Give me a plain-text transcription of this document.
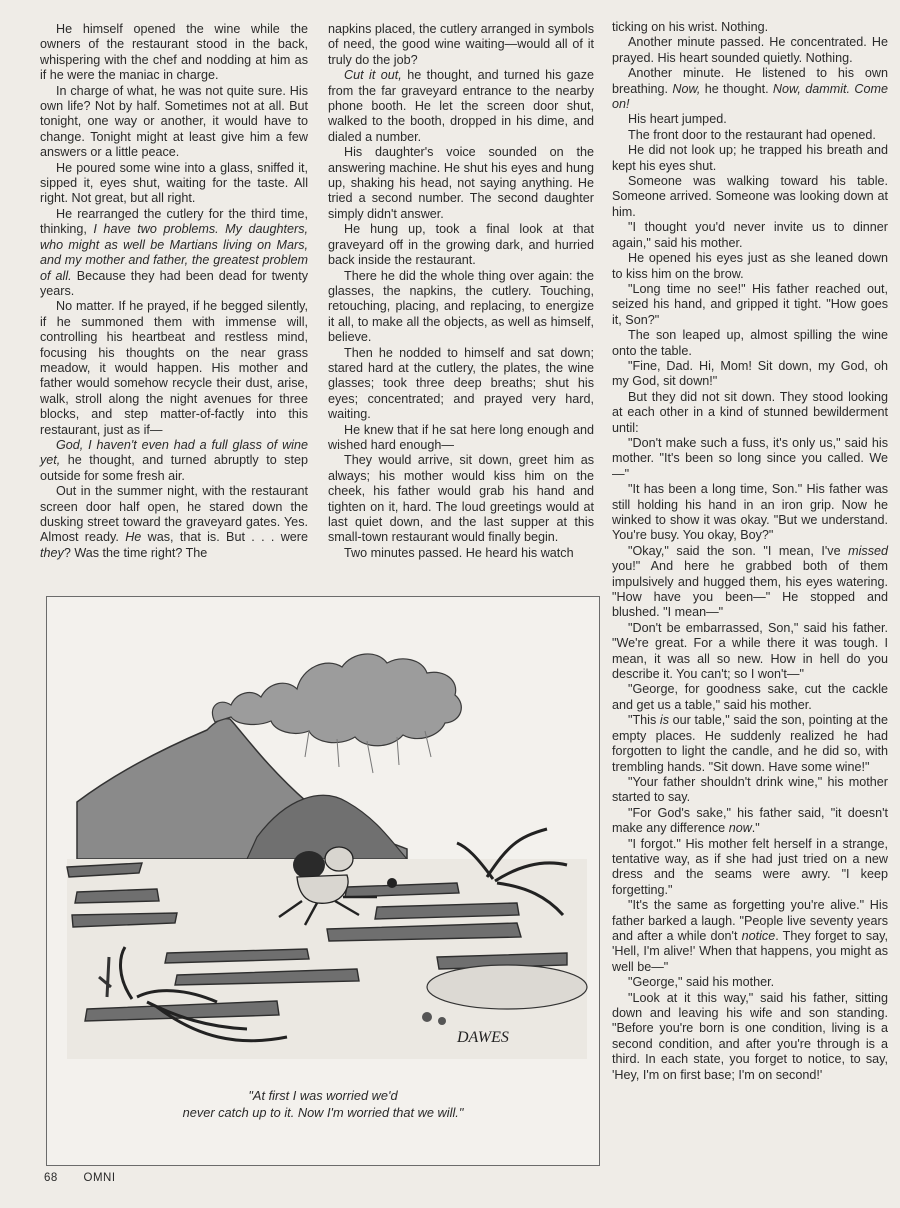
He himself opened the wine while the owners of the restaurant stood in the back, whispering with the chef and nodding at him as if he were the maniac in charge.

In charge of what, he was not quite sure. His own life? Not by half. Sometimes not at all. But tonight, one way or another, it would have to change. Tonight might at least give him a few answers or a little peace.

He poured some wine into a glass, sniffed it, sipped it, eyes shut, waiting for the taste. All right. Not great, but all right.

He rearranged the cutlery for the third time, thinking, I have two problems. My daughters, who might as well be Martians living on Mars, and my mother and father, the greatest problem of all. Because they had been dead for twenty years.

No matter. If he prayed, if he begged silently, if he summoned them with immense will, controlling his heartbeat and restless mind, focusing his thoughts on the near grass meadow, it would happen. His mother and father would somehow recycle their dust, arise, walk, stroll along the night avenues for three blocks, and step matter-of-factly into this restaurant, just as if—

God, I haven't even had a full glass of wine yet, he thought, and turned abruptly to step outside for some fresh air.

Out in the summer night, with the restaurant screen door half open, he stared down the dusking street toward the graveyard gates. Yes. Almost ready. He was, that is. But . . . were they? Was the time right? The

napkins placed, the cutlery arranged in symbols of need, the good wine waiting—would all of it truly do the job?

Cut it out, he thought, and turned his gaze from the far graveyard entrance to the nearby phone booth. He let the screen door shut, walked to the booth, dropped in his dime, and dialed a number.

His daughter's voice sounded on the answering machine. He shut his eyes and hung up, shaking his head, not saying anything. He tried a second number. The second daughter simply didn't answer.

He hung up, took a final look at that graveyard off in the growing dark, and hurried back inside the restaurant.

There he did the whole thing over again: the glasses, the napkins, the cutlery. Touching, retouching, placing, and replacing, to energize it all, to make all the objects, as well as himself, believe.

Then he nodded to himself and sat down; stared hard at the cutlery, the plates, the wine glasses; took three deep breaths; shut his eyes; concentrated; and prayed very hard, waiting.

He knew that if he sat here long enough and wished hard enough—

They would arrive, sit down, greet him as always; his mother would kiss him on the cheek, his father would grab his hand and tighten on it, hard. The loud greetings would at last quiet down, and the last supper at this small-town restaurant would finally begin.

Two minutes passed. He heard his watch

ticking on his wrist. Nothing.

Another minute passed. He concentrated. He prayed. His heart sounded quietly. Nothing.

Another minute. He listened to his own breathing. Now, he thought. Now, dammit. Come on!

His heart jumped.

The front door to the restaurant had opened.

He did not look up; he trapped his breath and kept his eyes shut.

Someone was walking toward his table. Someone arrived. Someone was looking down at him.

"I thought you'd never invite us to dinner again," said his mother.

He opened his eyes just as she leaned down to kiss him on the brow.

"Long time no see!" His father reached out, seized his hand, and gripped it tight. "How goes it, Son?"

The son leaped up, almost spilling the wine onto the table.

"Fine, Dad. Hi, Mom! Sit down, my God, oh my God, sit down!"

But they did not sit down. They stood looking at each other in a kind of stunned bewilderment until:

"Don't make such a fuss, it's only us," said his mother. "It's been so long since you called. We—"

"It has been a long time, Son." His father was still holding his hand in an iron grip. Now he winked to show it was okay. "But we understand. You're busy. You okay, Boy?"

"Okay," said the son. "I mean, I've missed you!" And here he grabbed both of them impulsively and hugged them, his eyes watering. "How have you been—" He stopped and blushed. "I mean—"

"Don't be embarrassed, Son," said his father. "We're great. For a while there it was tough. I mean, it was all so new. How in hell do you describe it. You can't; so I won't—"

"George, for goodness sake, cut the cackle and get us a table," said his mother.

"This is our table," said the son, pointing at the empty places. He suddenly realized he had forgotten to light the candle, and he did so, with trembling hands. "Sit down. Have some wine!"

"Your father shouldn't drink wine," his mother started to say.

"For God's sake," his father said, "it doesn't make any difference now."

"I forgot." His mother felt herself in a strange, tentative way, as if she had just tried on a new dress and the seams were awry. "I keep forgetting."

"It's the same as forgetting you're alive." His father barked a laugh. "People live seventy years and after a while don't notice. They forget to say, 'Hell, I'm alive!' When that happens, you might as well be—"

"George," said his mother.

"Look at it this way," said his father, sitting down and leaving his wife and son standing. "Before you're born is one condition, living is a second condition, and after you're through is a third. In each state, you forget to notice, to say, 'Hey, I'm on first base; I'm on second!'

DAWES
"At first I was worried we'd
never catch up to it. Now I'm worried that we will."
68 OMNI
